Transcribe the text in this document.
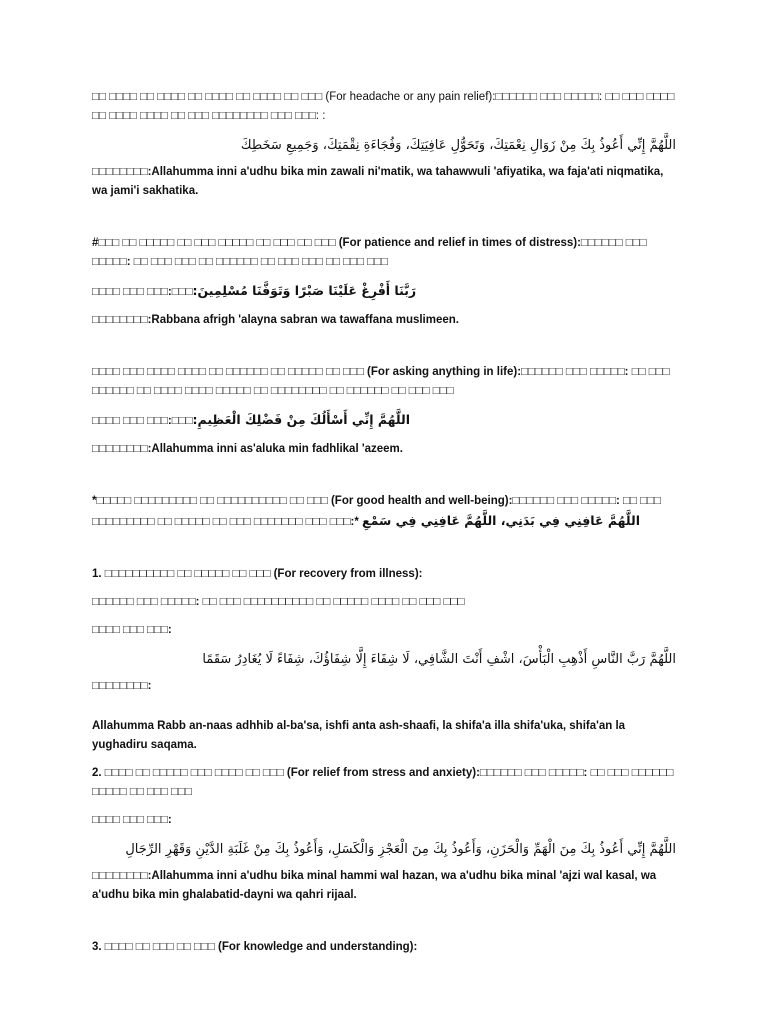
□□ □□□□ □□ □□□□ □□ □□□□ □□ □□□□ □□ □□□ (For headache or any pain relief):□□□□□□ □□□ □□□□□: □□ □□□ □□□□ □□ □□□□ □□□□ □□ □□□ □□□□□□□□ □□□ □□□: :
اللَّهُمَّ إِنِّي أَعُوذُ بِكَ مِنْ زَوَالِ نِعْمَتِكَ، وَتَحَوُّلِ عَافِيَتِكَ، وَفُجَاءَةِ نِقْمَتِكَ، وَجَمِيعِ سَخَطِكَ
□□□□□□□□:Allahumma inni a'udhu bika min zawali ni'matik, wa tahawwuli 'afiyatika, wa faja'ati niqmatika, wa jami'i sakhatika.
#□□□ □□ □□□□□ □□ □□□ □□□□□ □□ □□□ □□ □□□ (For patience and relief in times of distress):□□□□□□ □□□ □□□□□: □□ □□□ □□□ □□ □□□□□□ □□ □□□ □□□ □□ □□□ □□□
□□□□ □□□ □□□:□□□رَبَّنَا أَفْرِغْ عَلَيْنَا صَبْرًا وَتَوَفَّنَا مُسْلِمِينَ:
□□□□□□□□:Rabbana afrigh 'alayna sabran wa tawaffana muslimeen.
□□□□ □□□ □□□□ □□□□ □□ □□□□□□ □□ □□□□□ □□ □□□ (For asking anything in life):□□□□□□ □□□ □□□□□: □□ □□□ □□□□□□ □□ □□□□ □□□□ □□□□□ □□ □□□□□□□□ □□ □□□□□□ □□ □□□ □□□
□□□□ □□□ □□□:□□□اللَّهُمَّ إِنِّي أَسْأَلُكَ مِنْ فَضْلِكَ الْعَظِيمِ:
□□□□□□□□:Allahumma inni as'aluka min fadhlikal 'azeem.
*□□□□□ □□□□□□□□□ □□ □□□□□□□□□□ □□ □□□ (For good health and well-being):□□□□□□ □□□ □□□□□: □□ □□□ □□□□□□□□□ □□ □□□□□ □□ □□□ □□□□□□□ □□□ □□□:* اللَّهُمَّ عَافِنِي فِي بَدَنِي، اللَّهُمَّ عَافِنِي فِي سَمْعِ
1. □□□□□□□□□□ □□ □□□□□ □□ □□□ (For recovery from illness):
□□□□□□ □□□ □□□□□: □□ □□□ □□□□□□□□□□ □□ □□□□□ □□□□ □□ □□□ □□□
□□□□ □□□ □□□:
اللَّهُمَّ رَبَّ النَّاسِ أَذْهِبِ الْبَأْسَ، اشْفِ أَنْتَ الشَّافِي، لَا شِفَاءَ إِلَّا شِفَاؤُكَ، شِفَاءً لَا يُغَادِرُ سَقَمًا
□□□□□□□□:
Allahumma Rabb an-naas adhhib al-ba'sa, ishfi anta ash-shaafi, la shifa'a illa shifa'uka, shifa'an la yughadiru saqama.
2. □□□□ □□ □□□□□ □□□ □□□□ □□ □□□ (For relief from stress and anxiety):□□□□□□ □□□ □□□□□: □□ □□□ □□□□□□ □□□□□ □□ □□□ □□□
□□□□ □□□ □□□:
اللَّهُمَّ إِنِّي أَعُوذُ بِكَ مِنَ الْهَمِّ وَالْحَزَنِ، وَأَعُوذُ بِكَ مِنَ الْعَجْزِ وَالْكَسَلِ، وَأَعُوذُ بِكَ مِنْ غَلَبَةِ الدَّيْنِ وَقَهْرِ الرِّجَالِ
□□□□□□□□:Allahumma inni a'udhu bika minal hammi wal hazan, wa a'udhu bika minal 'ajzi wal kasal, wa a'udhu bika min ghalabatid-dayni wa qahri rijaal.
3. □□□□ □□ □□□ □□ □□□ (For knowledge and understanding):
